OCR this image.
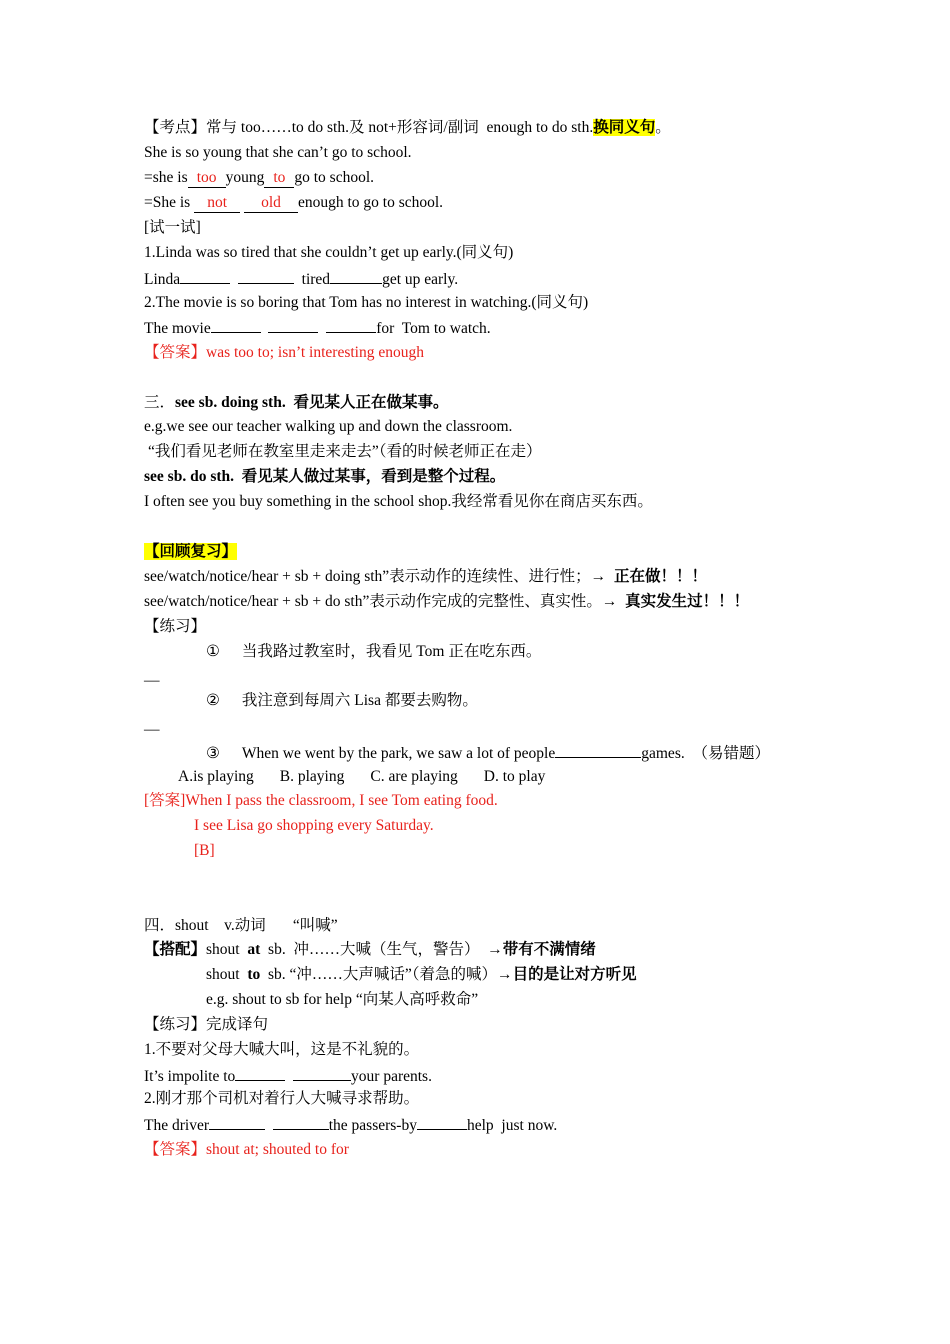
【考点】常与 too……to do sth.及 not+形容词/副词  enough to do sth.换同义句。
She is so young that she can’t go to school.
=she is too young to go to school.
=She is not old enough to go to school.
[试一试]
1.Linda was so tired that she couldn’t get up early.(同义句)
Linda	tired	get up early.
2.The movie is so boring that Tom has no interest in watching.(同义句)
The movie	for  Tom to watch.
【答案】was too to; isn’t interesting enough
三．see sb. doing sth.  看见某人正在做某事。
e.g.we see our teacher walking up and down the classroom.
“我们看见老师在教室里走来走去”（看的时候老师正在走）
see sb. do sth.  看见某人做过某事，看到是整个过程。
I often see you buy something in the school shop.我经常看见你在商店买东西。
【回顾复习】
see/watch/notice/hear + sb + doing sth”表示动作的连续性、进行性；→  正在做！！！
see/watch/notice/hear + sb + do sth”表示动作完成的完整性、真实性。→  真实发生过！！！
【练习】
① 当我路过教室时，我看见 Tom 正在吃东西。
—
② 我注意到每周六 Lisa 都要去购物。
—
③ When we went by the park, we saw a lot of people	games.  （易错题）
A.is playing B. playing C. are playing D. to play
[答案]When I pass the classroom, I see Tom eating food.
I see Lisa go shopping every Saturday.
[B]
四．shout    v.动词       “叫喊”
【搭配】shout  at  sb.  冲……大喊（生气，警告）  →带有不满情绪
shout  to  sb. “冲……大声喊话”（着急的喊）→目的是让对方听见
e.g. shout to sb for help “向某人高呼救命”
【练习】完成译句
1.不要对父母大喊大叫，这是不礼貌的。
It’s impolite to	your parents.
2.刚才那个司机对着行人大喊寻求帮助。
The driver	the passers-by	help  just now.
【答案】shout at; shouted to for
